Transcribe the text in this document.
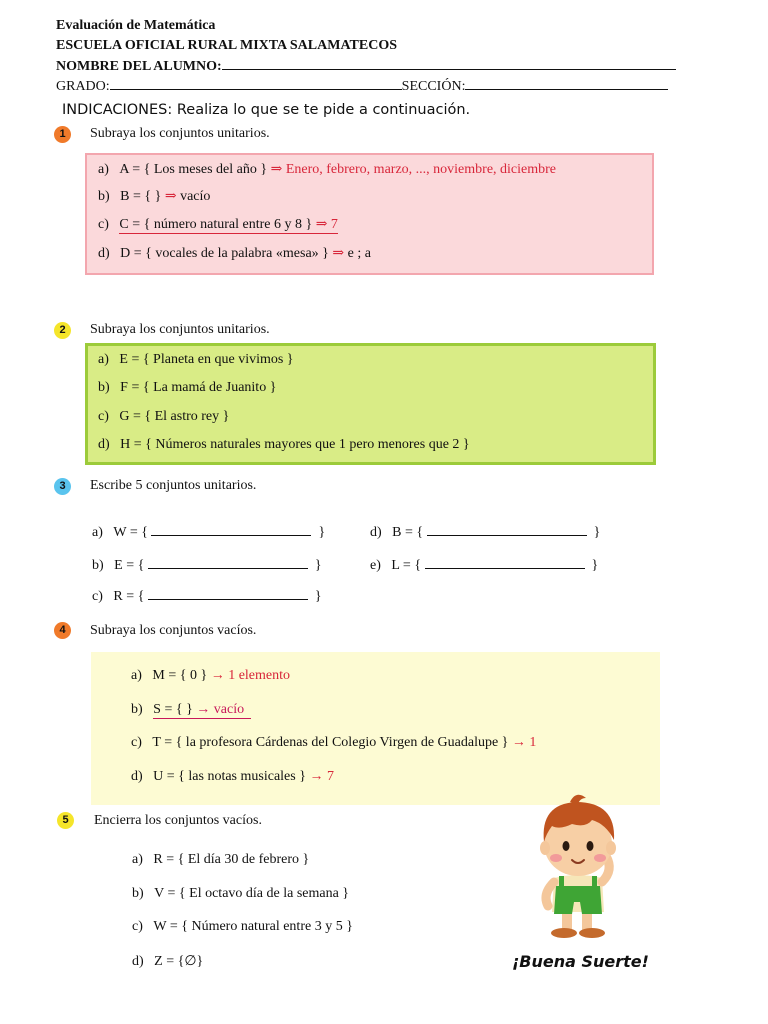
Evaluación de Matemática
ESCUELA OFICIAL RURAL MIXTA SALAMATECOS
NOMBRE DEL ALUMNO:
GRADO:	SECCIÓN:
INDICACIONES: Realiza lo que se te pide a continuación.
1	Subraya los conjuntos unitarios.
a) A = { Los meses del año } ⇒ Enero, febrero, marzo, ..., noviembre, diciembre
b) B = { } ⇒ vacío
c) C = { número natural entre 6 y 8 } ⇒ 7
d) D = { vocales de la palabra «mesa» } ⇒ e ; a
2	Subraya los conjuntos unitarios.
a) E = { Planeta en que vivimos }
b) F = { La mamá de Juanito }
c) G = { El astro rey }
d) H = { Números naturales mayores que 1 pero menores que 2 }
3	Escribe 5 conjuntos unitarios.
a) W = {	}
b) E = {	}
c) R = {	}
d) B = {	}
e) L = {	}
4	Subraya los conjuntos vacíos.
a) M = { 0 } → 1 elemento
b) S = { } → vacío
c) T = { la profesora Cárdenas del Colegio Virgen de Guadalupe } → 1
d) U = { las notas musicales } → 7
5	Encierra los conjuntos vacíos.
a) R = { El día 30 de febrero }
b) V = { El octavo día de la semana }
c) W = { Número natural entre 3 y 5 }
d) Z = {∅}	¡Buena Suerte!
